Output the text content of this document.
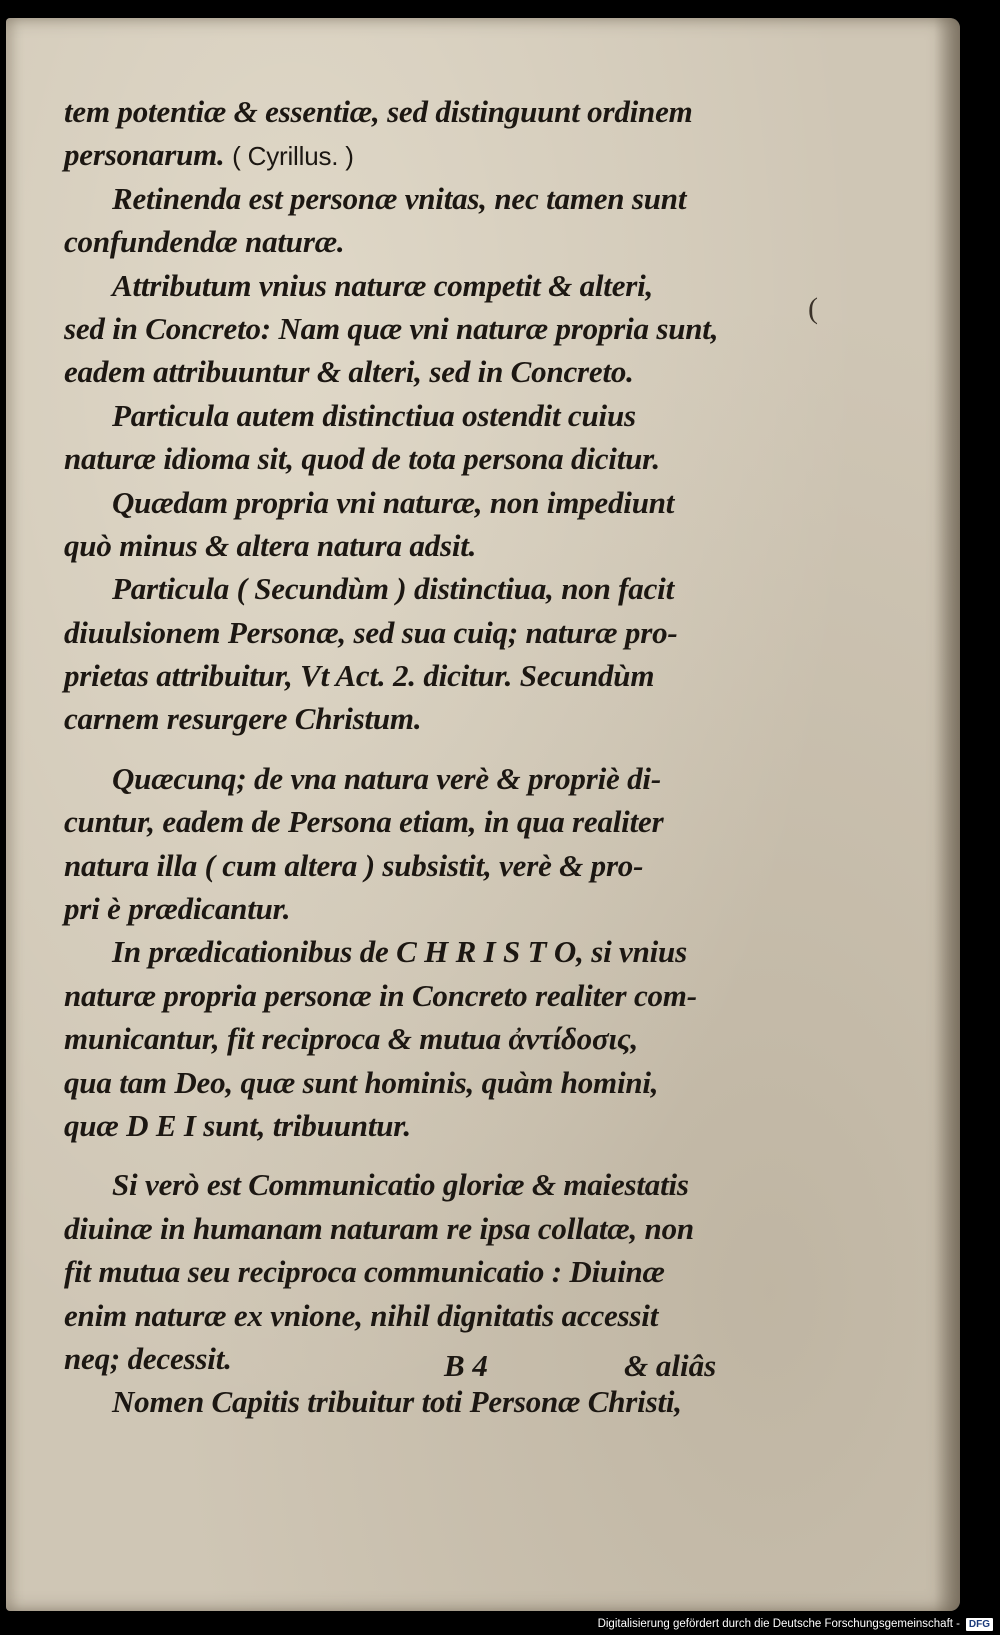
tem potentiæ & essentiæ, sed distinguunt ordinem
personarum. ( Cyrillus. )
Retinenda est personæ vnitas, nec tamen sunt
confundendæ naturæ.
Attributum vnius naturæ competit & alteri,
sed in Concreto: Nam quæ vni naturæ propria sunt,
eadem attribuuntur & alteri, sed in Concreto.
Particula autem distinctiua ostendit cuius
naturæ idioma sit, quod de tota persona dicitur.
Quædam propria vni naturæ, non impediunt
quò minus & altera natura adsit.
Particula ( Secundùm ) distinctiua, non facit
diuulsionem Personæ, sed sua cuiq; naturæ pro-
prietas attribuitur, Vt Act. 2. dicitur. Secundùm
carnem resurgere Christum.
Quæcunq; de vna natura verè & propriè di-
cuntur, eadem de Persona etiam, in qua realiter
natura illa ( cum altera ) subsistit, verè & pro-
pri è prædicantur.
In prædicationibus de C H R I S T O, si vnius
naturæ propria personæ in Concreto realiter com-
municantur, fit reciproca & mutua ἀντίδοσις,
qua tam Deo, quæ sunt hominis, quàm homini,
quæ D E I sunt, tribuuntur.
Si verò est Communicatio gloriæ & maiestatis
diuinæ in humanam naturam re ipsa collatæ, non
fit mutua seu reciproca communicatio : Diuinæ
enim naturæ ex vnione, nihil dignitatis accessit
neq; decessit.
Nomen Capitis tribuitur toti Personæ Christi,
(
B 4	& aliâs
Digitalisierung gefördert durch die Deutsche Forschungsgemeinschaft - DFG
